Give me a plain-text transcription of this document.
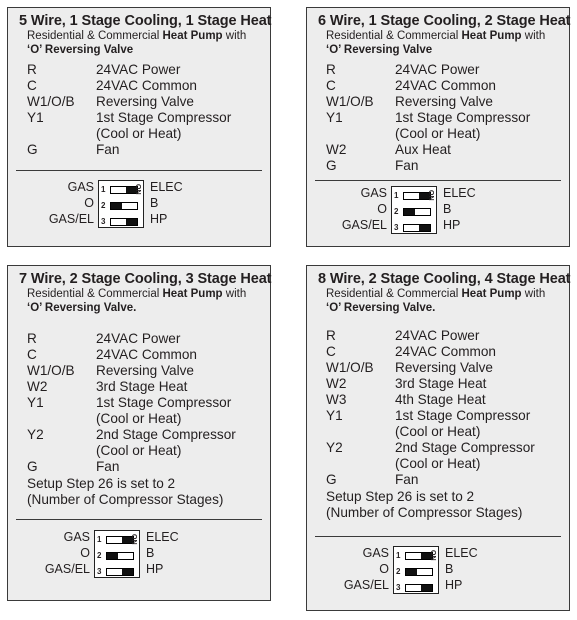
5 Wire, 1 Stage Cooling, 1 Stage Heat
Residential & Commercial Heat Pump with
‘O’ Reversing Valve
R	24VAC Power
C	24VAC Common
W1/O/B	Reversing Valve
Y1	1st Stage Compressor
(Cool or Heat)
G	Fan
GAS
O
GAS/EL
1
2
3
ON ELEC
B
HP
6 Wire, 1 Stage Cooling, 2 Stage Heat
Residential & Commercial Heat Pump with
‘O’ Reversing Valve
R	24VAC Power
C	24VAC Common
W1/O/B	Reversing Valve
Y1	1st Stage Compressor
(Cool or Heat)
W2	Aux Heat
G	Fan
GAS
O
GAS/EL
1
2
3
ON ELEC
B
HP
7 Wire, 2 Stage Cooling, 3 Stage Heat
Residential & Commercial Heat Pump with
‘O’ Reversing Valve.
R	24VAC Power
C	24VAC Common
W1/O/B	Reversing Valve
W2	3rd Stage Heat
Y1	1st Stage Compressor
(Cool or Heat)
Y2	2nd Stage Compressor
(Cool or Heat)
G	Fan
Setup Step 26 is set to 2
(Number of Compressor Stages)
GAS
O
GAS/EL
1
2
3
ON ELEC
B
HP
8 Wire, 2 Stage Cooling, 4 Stage Heat
Residential & Commercial Heat Pump with
‘O’ Reversing Valve.
R	24VAC Power
C	24VAC Common
W1/O/B	Reversing Valve
W2	3rd Stage Heat
W3	4th Stage Heat
Y1	1st Stage Compressor
(Cool or Heat)
Y2	2nd Stage Compressor
(Cool or Heat)
G	Fan
Setup Step 26 is set to 2
(Number of Compressor Stages)
GAS
O
GAS/EL
1
2
3
ON ELEC
B
HP
